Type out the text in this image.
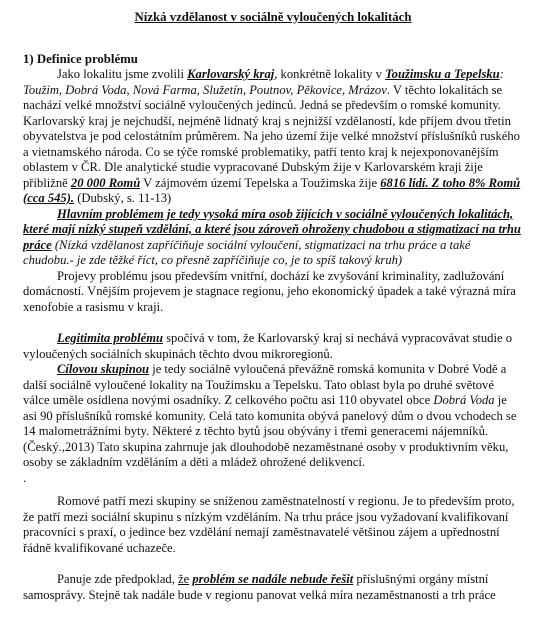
Nízká vzdělanost v sociálně vyloučených lokalitách
1) Definice problému

Jako lokalitu jsme zvolili Karlovarský kraj, konkrétně lokality v Toužimsku a Tepelsku: Toužim, Dobrá Voda, Nová Farma, Služetín, Poutnov, Pěkovice, Mrázov. V těchto lokalitách se nachází velké množství sociálně vyloučených jedinců. Jedná se především o romské komunity.

Karlovarský kraj je nejchudší, nejméně lidnatý kraj s nejnižší vzdělaností, kde příjem dvou třetin obyvatelstva je pod celostátním průměrem. Na jeho území žije velké množství příslušníků ruského a vietnamského národa. Co se týče romské problematiky, patří tento kraj k nejexponovanějším oblastem v ČR. Dle analytické studie vypracované Dubským žije v Karlovarském kraji žije přibližně 20 000 Romů V zájmovém území Tepelska a Toužimska žije 6816 lidí. Z toho 8% Romů (cca 545). (Dubský, s. 11-13)

Hlavním problémem je tedy vysoká míra osob žijících v sociálně vyloučených lokalitách, které mají nízký stupeň vzdělání, a které jsou zároveň ohroženy chudobou a stigmatizací na trhu práce (Nízká vzdělanost zapříčiňuje sociální vyloučení, stigmatizaci na trhu práce a také chudobu.- je zde těžké říct, co přesně zapříčiňuje co, je to spíš takový kruh)

Projevy problému jsou především vnitřní, dochází ke zvyšování kriminality, zadlužování domácností. Vnějším projevem je stagnace regionu, jeho ekonomický úpadek a také výrazná míra xenofobie a rasismu v kraji.

Legitimita problému spočívá v tom, že Karlovarský kraj si nechává vypracovávat studie o vyloučených sociálních skupinách těchto dvou mikroregionů.

Cílovou skupinou je tedy sociálně vyloučená převážně romská komunita v Dobré Vodě a další sociálně vyloučené lokality na Toužimsku a Tepelsku. Tato oblast byla po druhé světové válce uměle osídlena novými osadníky. Z celkového počtu asi 110 obyvatel obce Dobrá Voda je asi 90 příslušníků romské komunity. Celá tato komunita obývá panelový dům o dvou vchodech se 14 malometrážními byty. Některé z těchto bytů jsou obývány i třemi generacemi nájemníků. (Český.,2013) Tato skupina zahrnuje jak dlouhodobě nezaměstnané osoby v produktivním věku, osoby se základním vzděláním a děti a mládež ohrožené delikvencí.

.

Romové patří mezi skupiny se sníženou zaměstnatelností v regionu. Je to především proto, že patří mezi sociální skupinu s nízkým vzděláním. Na trhu práce jsou vyžadovaní kvalifikovaní pracovníci s praxí, o jedince bez vzdělání nemají zaměstnavatelé většinou zájem a upřednostní řádně kvalifikované uchazeče.

Panuje zde předpoklad, že problém se nadále nebude řešit příslušnými orgány místní samosprávy. Stejně tak nadále bude v regionu panovat velká míra nezaměstnanosti a trh práce
